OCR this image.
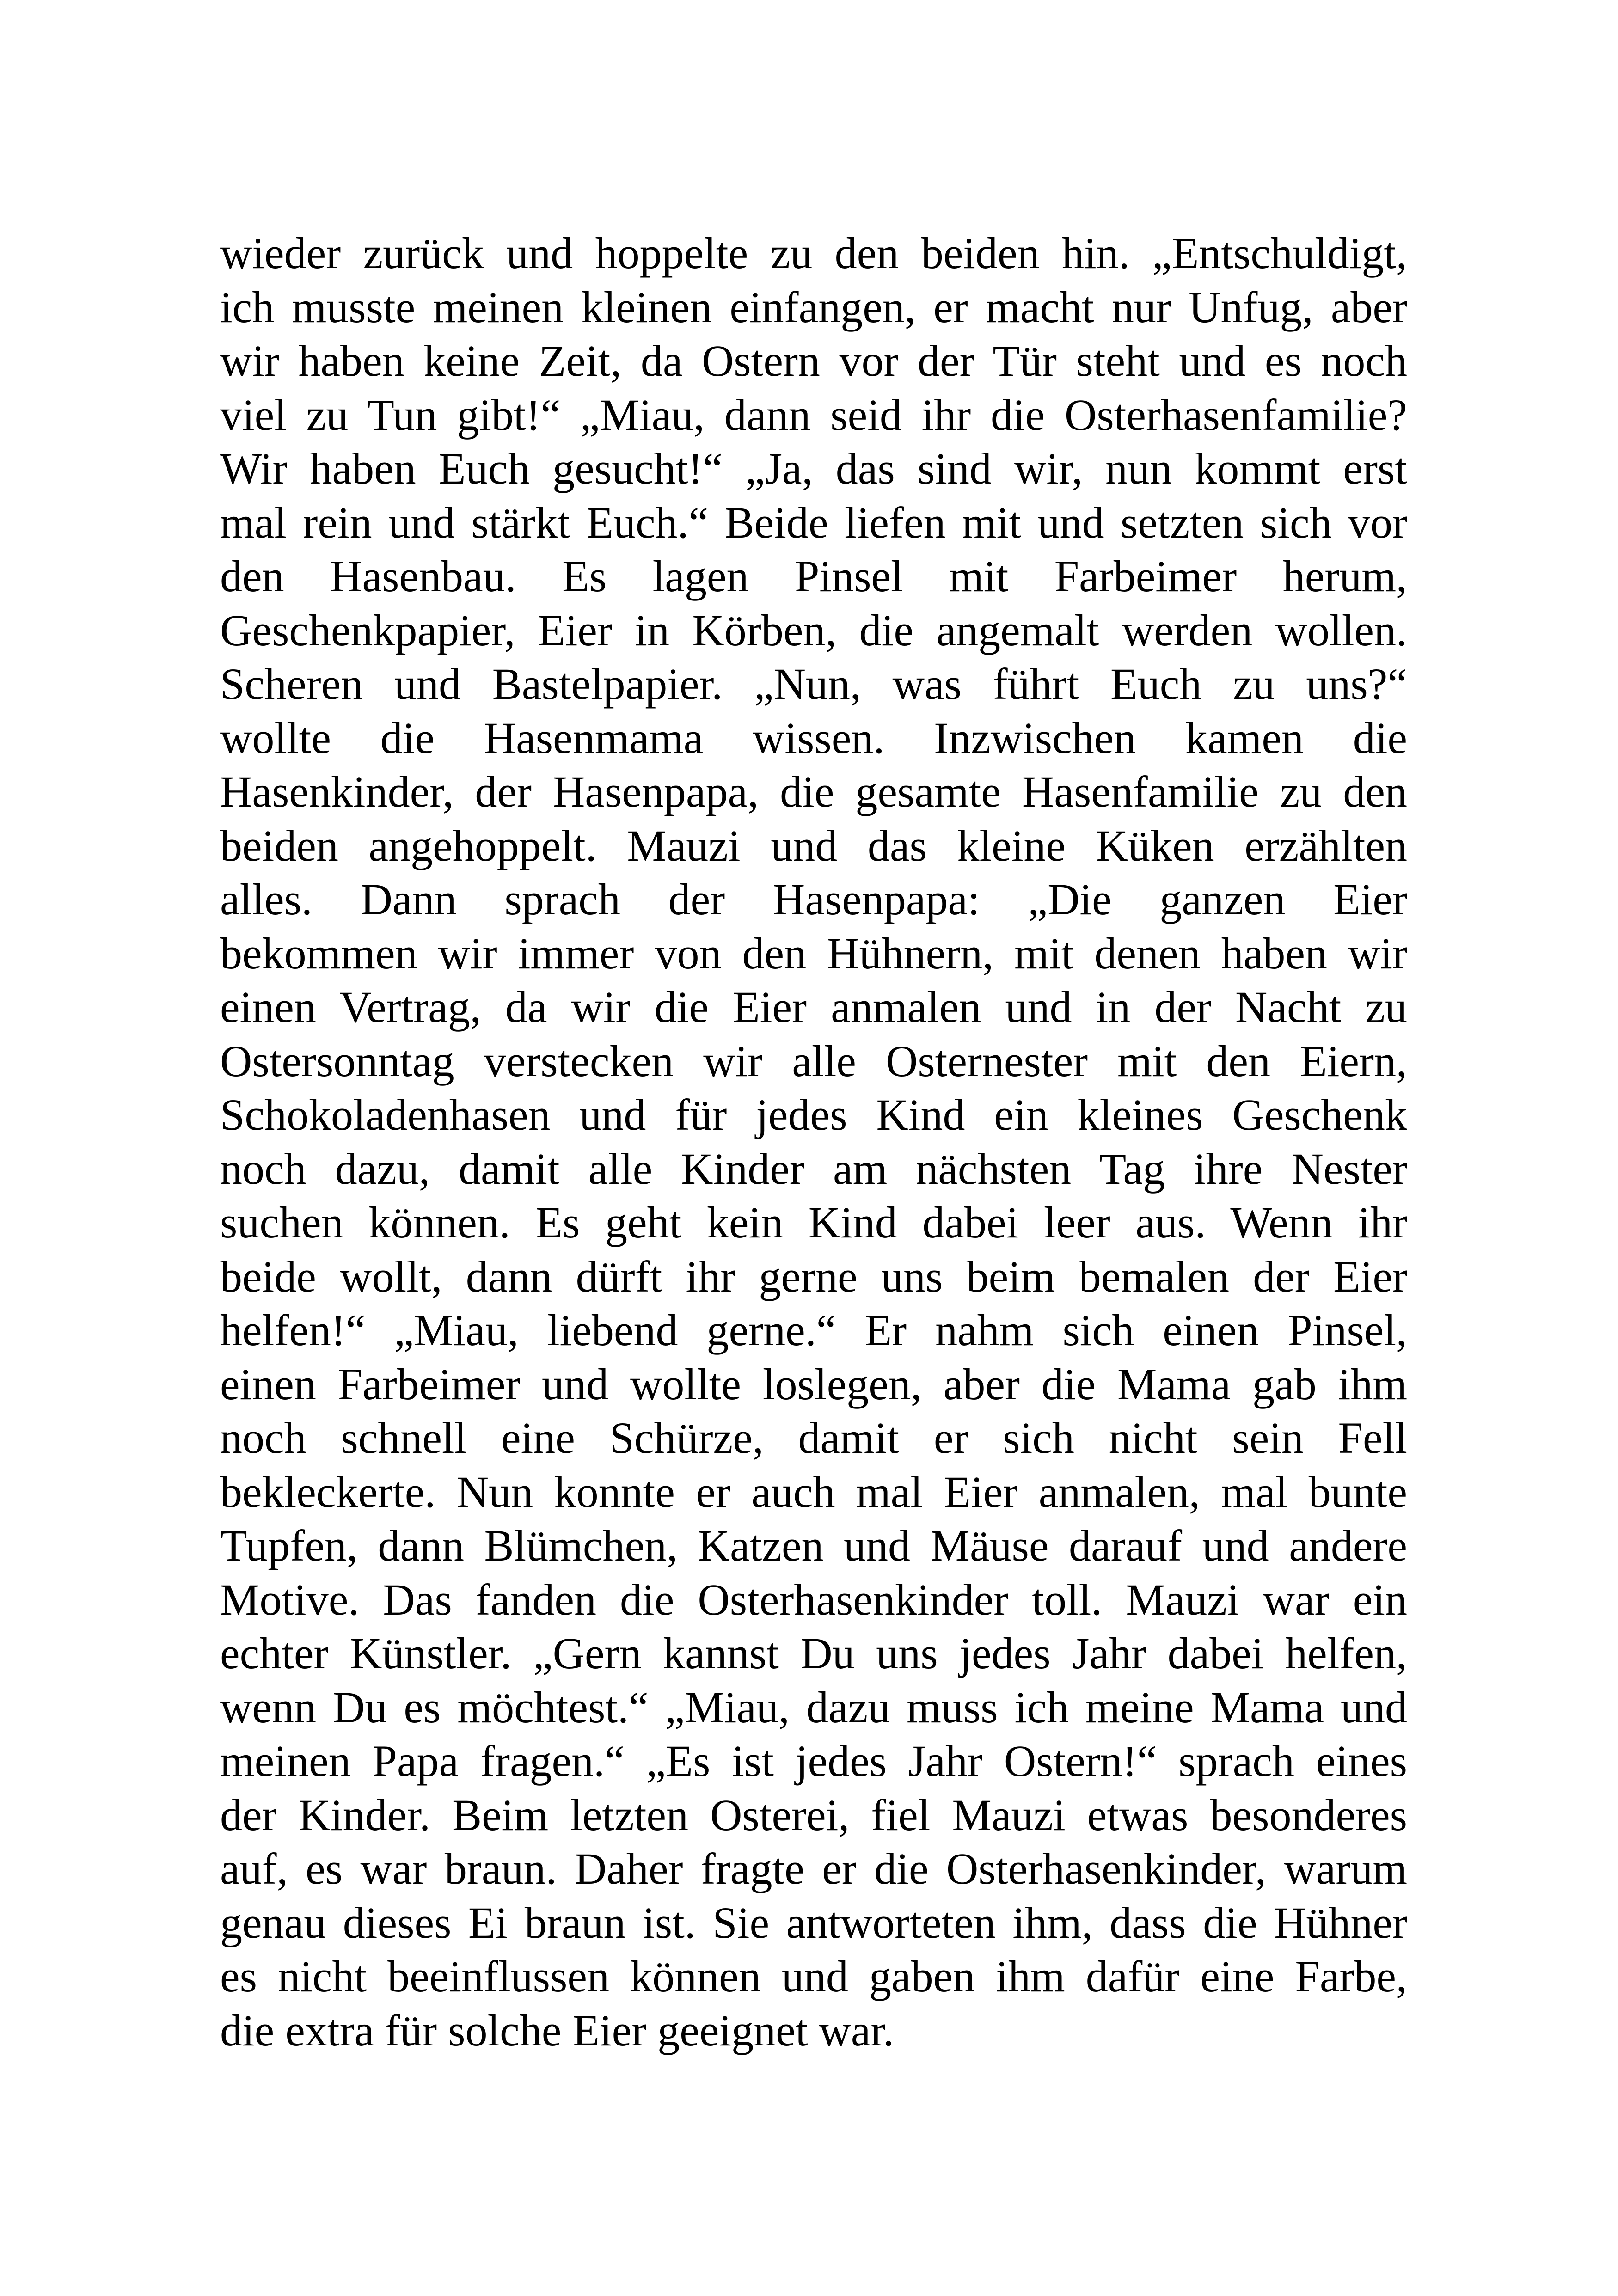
wieder zurück und hoppelte zu den beiden hin. „Entschuldigt,
ich musste meinen kleinen einfangen, er macht nur Unfug, aber
wir haben keine Zeit, da Ostern vor der Tür steht und es noch
viel zu Tun gibt!“ „Miau, dann seid ihr die Osterhasenfamilie?
Wir haben Euch gesucht!“ „Ja, das sind wir, nun kommt erst
mal rein und stärkt Euch.“ Beide liefen mit und setzten sich vor
den Hasenbau. Es lagen Pinsel mit Farbeimer herum,
Geschenkpapier, Eier in Körben, die angemalt werden wollen.
Scheren und Bastelpapier. „Nun, was führt Euch zu uns?“
wollte die Hasenmama wissen. Inzwischen kamen die
Hasenkinder, der Hasenpapa, die gesamte Hasenfamilie zu den
beiden angehoppelt. Mauzi und das kleine Küken erzählten
alles. Dann sprach der Hasenpapa: „Die ganzen Eier
bekommen wir immer von den Hühnern, mit denen haben wir
einen Vertrag, da wir die Eier anmalen und in der Nacht zu
Ostersonntag verstecken wir alle Osternester mit den Eiern,
Schokoladenhasen und für jedes Kind ein kleines Geschenk
noch dazu, damit alle Kinder am nächsten Tag ihre Nester
suchen können. Es geht kein Kind dabei leer aus. Wenn ihr
beide wollt, dann dürft ihr gerne uns beim bemalen der Eier
helfen!“ „Miau, liebend gerne.“ Er nahm sich einen Pinsel,
einen Farbeimer und wollte loslegen, aber die Mama gab ihm
noch schnell eine Schürze, damit er sich nicht sein Fell
bekleckerte. Nun konnte er auch mal Eier anmalen, mal bunte
Tupfen, dann Blümchen, Katzen und Mäuse darauf und andere
Motive. Das fanden die Osterhasenkinder toll. Mauzi war ein
echter Künstler. „Gern kannst Du uns jedes Jahr dabei helfen,
wenn Du es möchtest.“ „Miau, dazu muss ich meine Mama und
meinen Papa fragen.“ „Es ist jedes Jahr Ostern!“ sprach eines
der Kinder. Beim letzten Osterei, fiel Mauzi etwas besonderes
auf, es war braun. Daher fragte er die Osterhasenkinder, warum
genau dieses Ei braun ist. Sie antworteten ihm, dass die Hühner
es nicht beeinflussen können und gaben ihm dafür eine Farbe,
die extra für solche Eier geeignet war.
